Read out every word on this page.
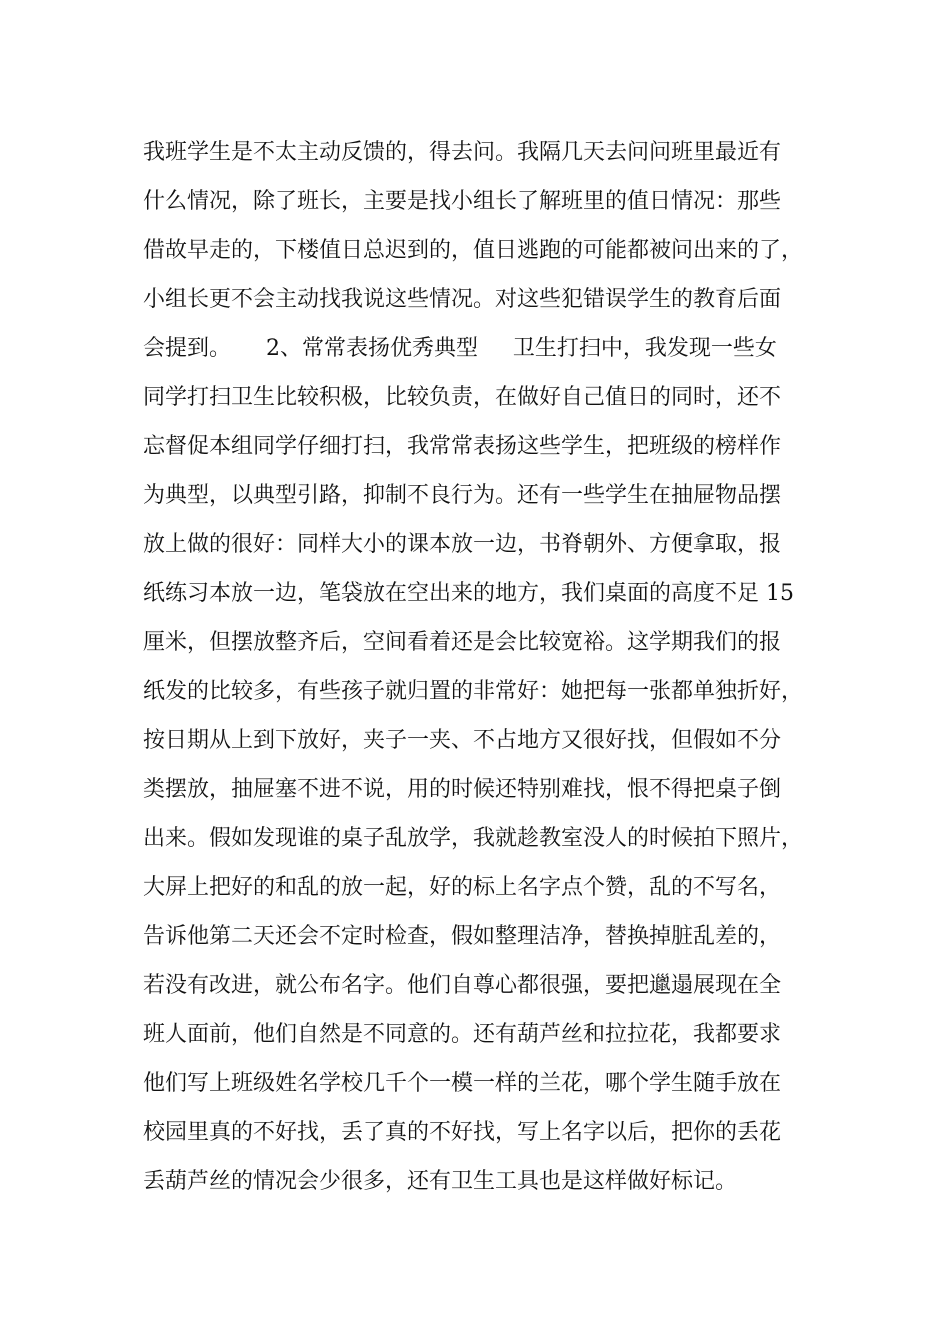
我班学生是不太主动反馈的，得去问。我隔几天去问问班里最近有
什么情况，除了班长，主要是找小组长了解班里的值日情况：那些
借故早走的，下楼值日总迟到的，值日逃跑的可能都被问出来的了，
小组长更不会主动找我说这些情况。对这些犯错误学生的教育后面
会提到。     2、常常表扬优秀典型     卫生打扫中，我发现一些女
同学打扫卫生比较积极，比较负责，在做好自己值日的同时，还不
忘督促本组同学仔细打扫，我常常表扬这些学生，把班级的榜样作
为典型，以典型引路，抑制不良行为。还有一些学生在抽屉物品摆
放上做的很好：同样大小的课本放一边，书脊朝外、方便拿取，报
纸练习本放一边，笔袋放在空出来的地方，我们桌面的高度不足 15
厘米，但摆放整齐后，空间看着还是会比较宽裕。这学期我们的报
纸发的比较多，有些孩子就归置的非常好：她把每一张都单独折好，
按日期从上到下放好，夹子一夹、不占地方又很好找，但假如不分
类摆放，抽屉塞不进不说，用的时候还特别难找，恨不得把桌子倒
出来。假如发现谁的桌子乱放学，我就趁教室没人的时候拍下照片，
大屏上把好的和乱的放一起，好的标上名字点个赞，乱的不写名，
告诉他第二天还会不定时检查，假如整理洁净，替换掉脏乱差的，
若没有改进，就公布名字。他们自尊心都很强，要把邋遢展现在全
班人面前，他们自然是不同意的。还有葫芦丝和拉拉花，我都要求
他们写上班级姓名学校几千个一模一样的兰花，哪个学生随手放在
校园里真的不好找，丢了真的不好找，写上名字以后，把你的丢花
丢葫芦丝的情况会少很多，还有卫生工具也是这样做好标记。
